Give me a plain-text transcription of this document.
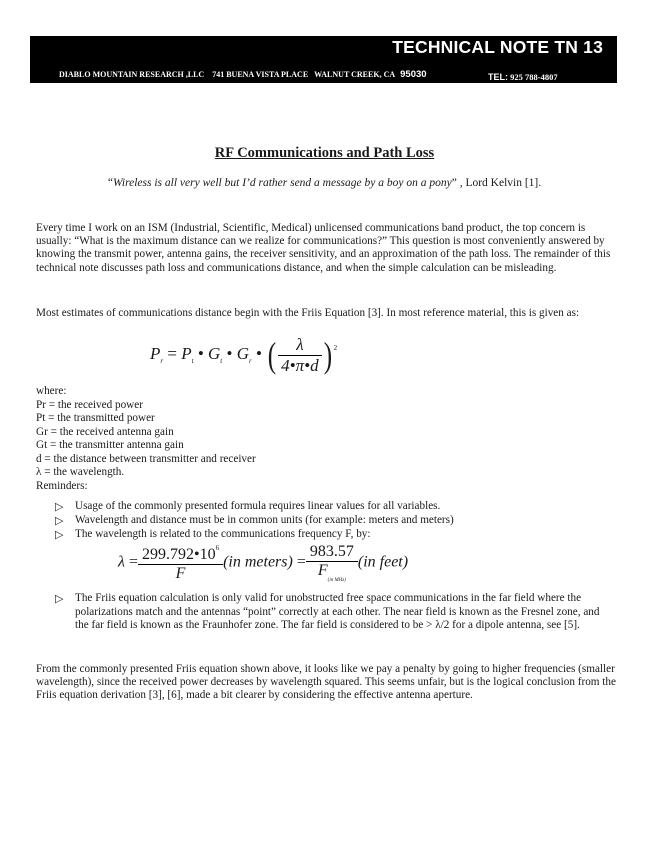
TECHNICAL NOTE TN 13
DIABLO MOUNTAIN RESEARCH ,LLC 741 BUENA VISTA PLACE WALNUT CREEK, CA 95030	TEL: 925 788-4807
RF Communications and Path Loss
“Wireless is all very well but I’d rather send a message by a boy on a pony” , Lord Kelvin [1].
Every time I work on an ISM (Industrial, Scientific, Medical) unlicensed communications band product, the top concern is usually: “What is the maximum distance can we realize for communications?” This question is most conveniently answered by knowing the transmit power, antenna gains, the receiver sensitivity, and an approximation of the path loss. The remainder of this technical note discusses path loss and communications distance, and when the simple calculation can be misleading.
Most estimates of communications distance begin with the Friis Equation [3]. In most reference material, this is given as:
$P_r = P_t$ • $G_t$ • $G_r$ • ( $\frac{\lambda}{4•\pi•d}$ ) $^2$
where:
Pr = the received power
Pt = the transmitted power
Gr = the received antenna gain
Gt = the transmitter antenna gain
d = the distance between transmitter and receiver
λ = the wavelength.
Reminders:
▷ Usage of the commonly presented formula requires linear values for all variables.
▷ Wavelength and distance must be in common units (for example: meters and meters)
▷ The wavelength is related to the communications frequency F, by:
$\lambda = \frac{299.792•10^6}{F} (in$ meters) = $\frac{983.57}{F_{(in MHz)}} (in$ feet)
▷ The Friis equation calculation is only valid for unobstructed free space communications in the far field where the polarizations match and the antennas “point” correctly at each other. The near field is known as the Fresnel zone, and the far field is known as the Fraunhofer zone. The far field is considered to be > λ/2 for a dipole antenna, see [5].
From the commonly presented Friis equation shown above, it looks like we pay a penalty by going to higher frequencies (smaller wavelength), since the received power decreases by wavelength squared. This seems unfair, but is the logical conclusion from the Friis equation derivation [3], [6], made a bit clearer by considering the effective antenna aperture.
